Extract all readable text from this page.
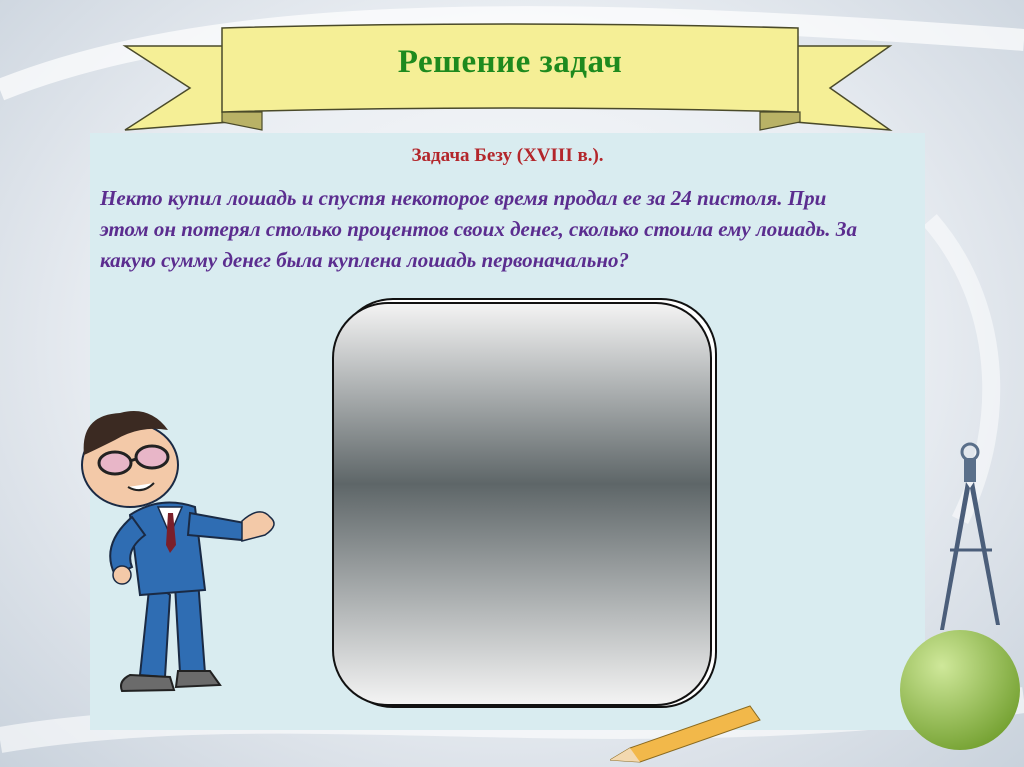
Решение задач
Задача Безу (XVIII в.).
Некто купил лошадь и спустя некоторое время продал ее за 24 пистоля. При этом он потерял столько процентов своих денег, сколько стоила ему лошадь. За какую сумму денег была куплена лошадь первоначально?
